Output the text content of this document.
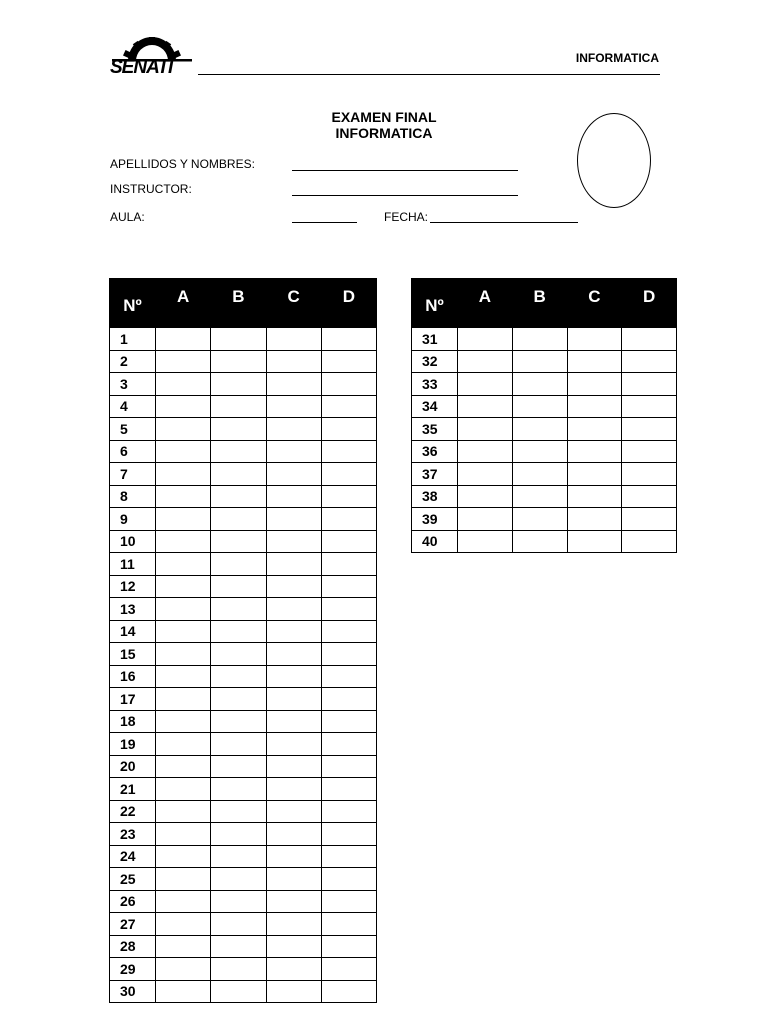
SENATI	INFORMATICA
EXAMEN FINAL
INFORMATICA
APELLIDOS Y NOMBRES:
INSTRUCTOR:
AULA:	FECHA:
Nº	A	B	C	D
1				
2				
3				
4				
5				
6				
7				
8				
9				
10				
11				
12				
13				
14				
15				
16				
17				
18				
19				
20				
21				
22				
23				
24				
25				
26				
27				
28				
29				
30				
Nº	A	B	C	D
31				
32				
33				
34				
35				
36				
37				
38				
39				
40				
